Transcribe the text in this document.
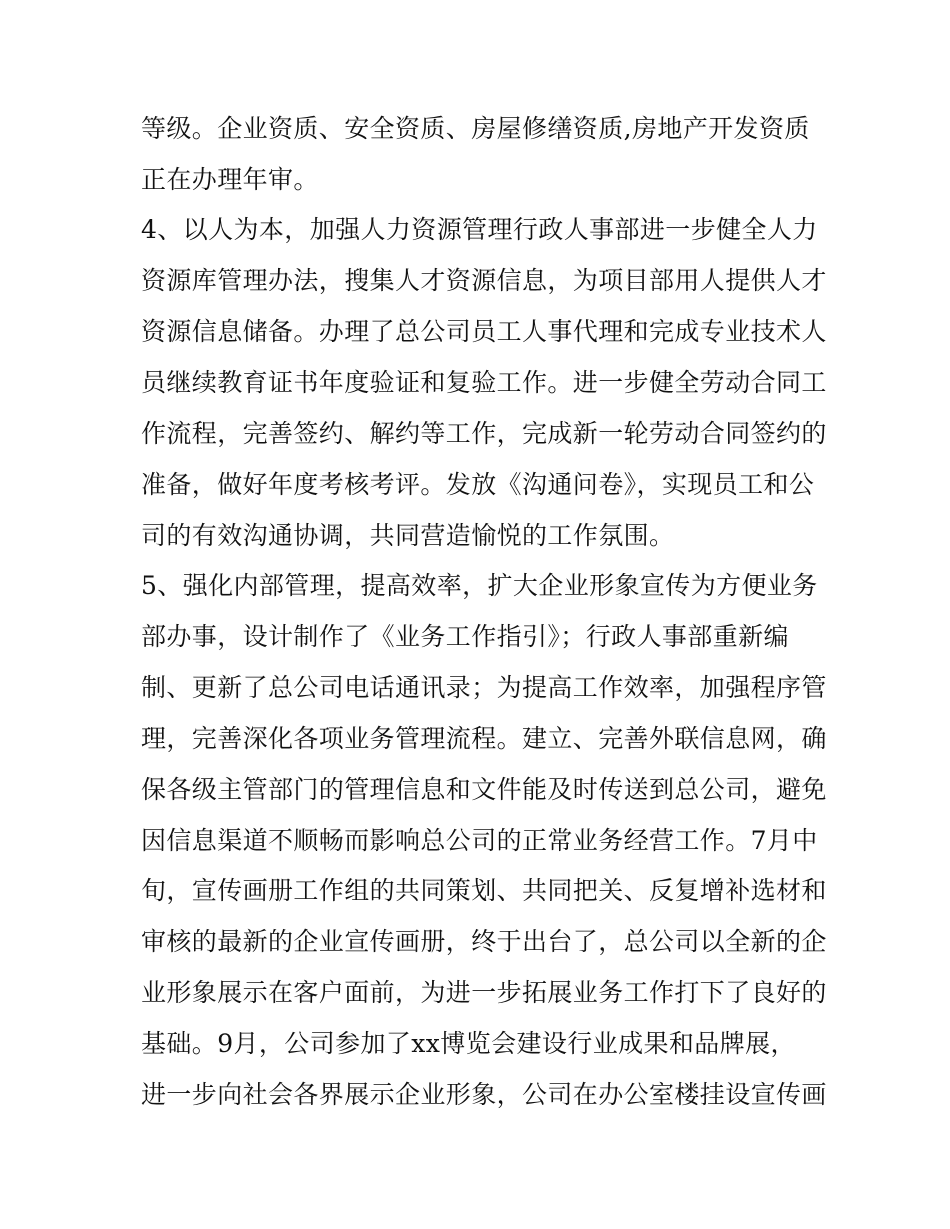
等级。企业资质、安全资质、房屋修缮资质,房地产开发资质
正在办理年审。
4、以人为本，加强人力资源管理行政人事部进一步健全人力
资源库管理办法，搜集人才资源信息，为项目部用人提供人才
资源信息储备。办理了总公司员工人事代理和完成专业技术人
员继续教育证书年度验证和复验工作。进一步健全劳动合同工
作流程，完善签约、解约等工作，完成新一轮劳动合同签约的
准备，做好年度考核考评。发放《沟通问卷》，实现员工和公
司的有效沟通协调，共同营造愉悦的工作氛围。
5、强化内部管理，提高效率，扩大企业形象宣传为方便业务
部办事，设计制作了《业务工作指引》；行政人事部重新编
制、更新了总公司电话通讯录；为提高工作效率，加强程序管
理，完善深化各项业务管理流程。建立、完善外联信息网，确
保各级主管部门的管理信息和文件能及时传送到总公司，避免
因信息渠道不顺畅而影响总公司的正常业务经营工作。7月中
旬，宣传画册工作组的共同策划、共同把关、反复增补选材和
审核的最新的企业宣传画册，终于出台了，总公司以全新的企
业形象展示在客户面前，为进一步拓展业务工作打下了良好的
基础。9月，公司参加了xx博览会建设行业成果和品牌展，
进一步向社会各界展示企业形象，公司在办公室楼挂设宣传画
